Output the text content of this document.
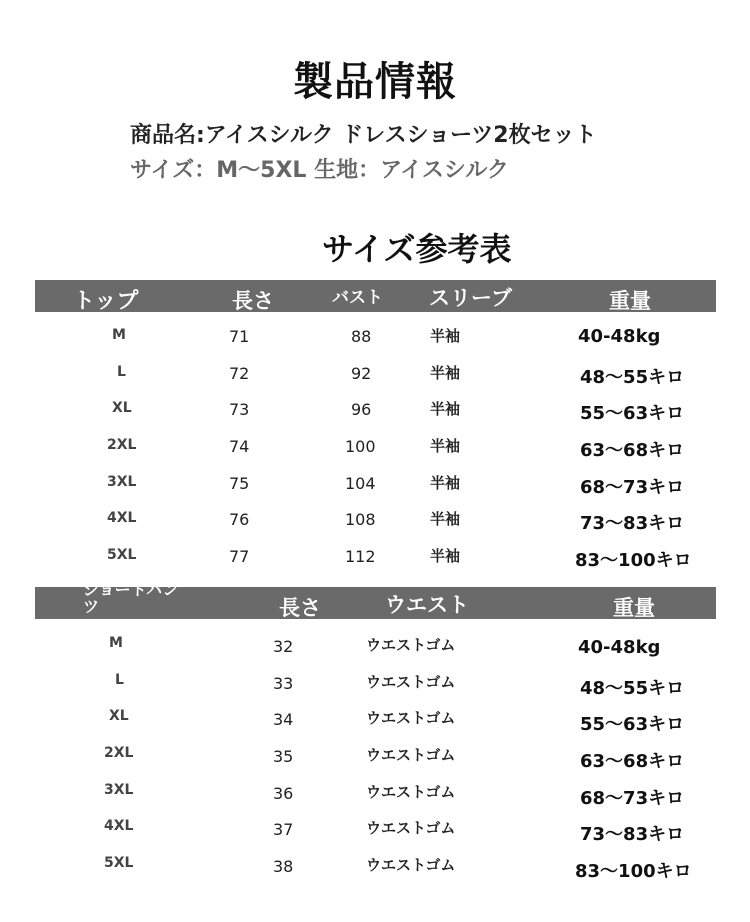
製品情報
商品名:アイスシルク ドレスショーツ2枚セット
サイズ：M～5XL 生地：アイスシルク
サイズ参考表
トップ	長さ	バスト スリーブ	重量
M	71	88	半袖	40-48kg
L	72	92	半袖	48～55キロ
XL	73	96	半袖	55～63キロ
2XL	74	100	半袖	63～68キロ
3XL	75	104	半袖	68～73キロ
4XL	76	108	半袖	73～83キロ
5XL	77	112	半袖	83～100キロ
ショートパン
ツ	長さ	ウエスト	重量
M	32	ウエストゴム	40-48kg
L	33	ウエストゴム	48～55キロ
XL	34	ウエストゴム	55～63キロ
2XL	35	ウエストゴム	63～68キロ
3XL	36	ウエストゴム	68～73キロ
4XL	37	ウエストゴム	73～83キロ
5XL	38	ウエストゴム	83～100キロ
